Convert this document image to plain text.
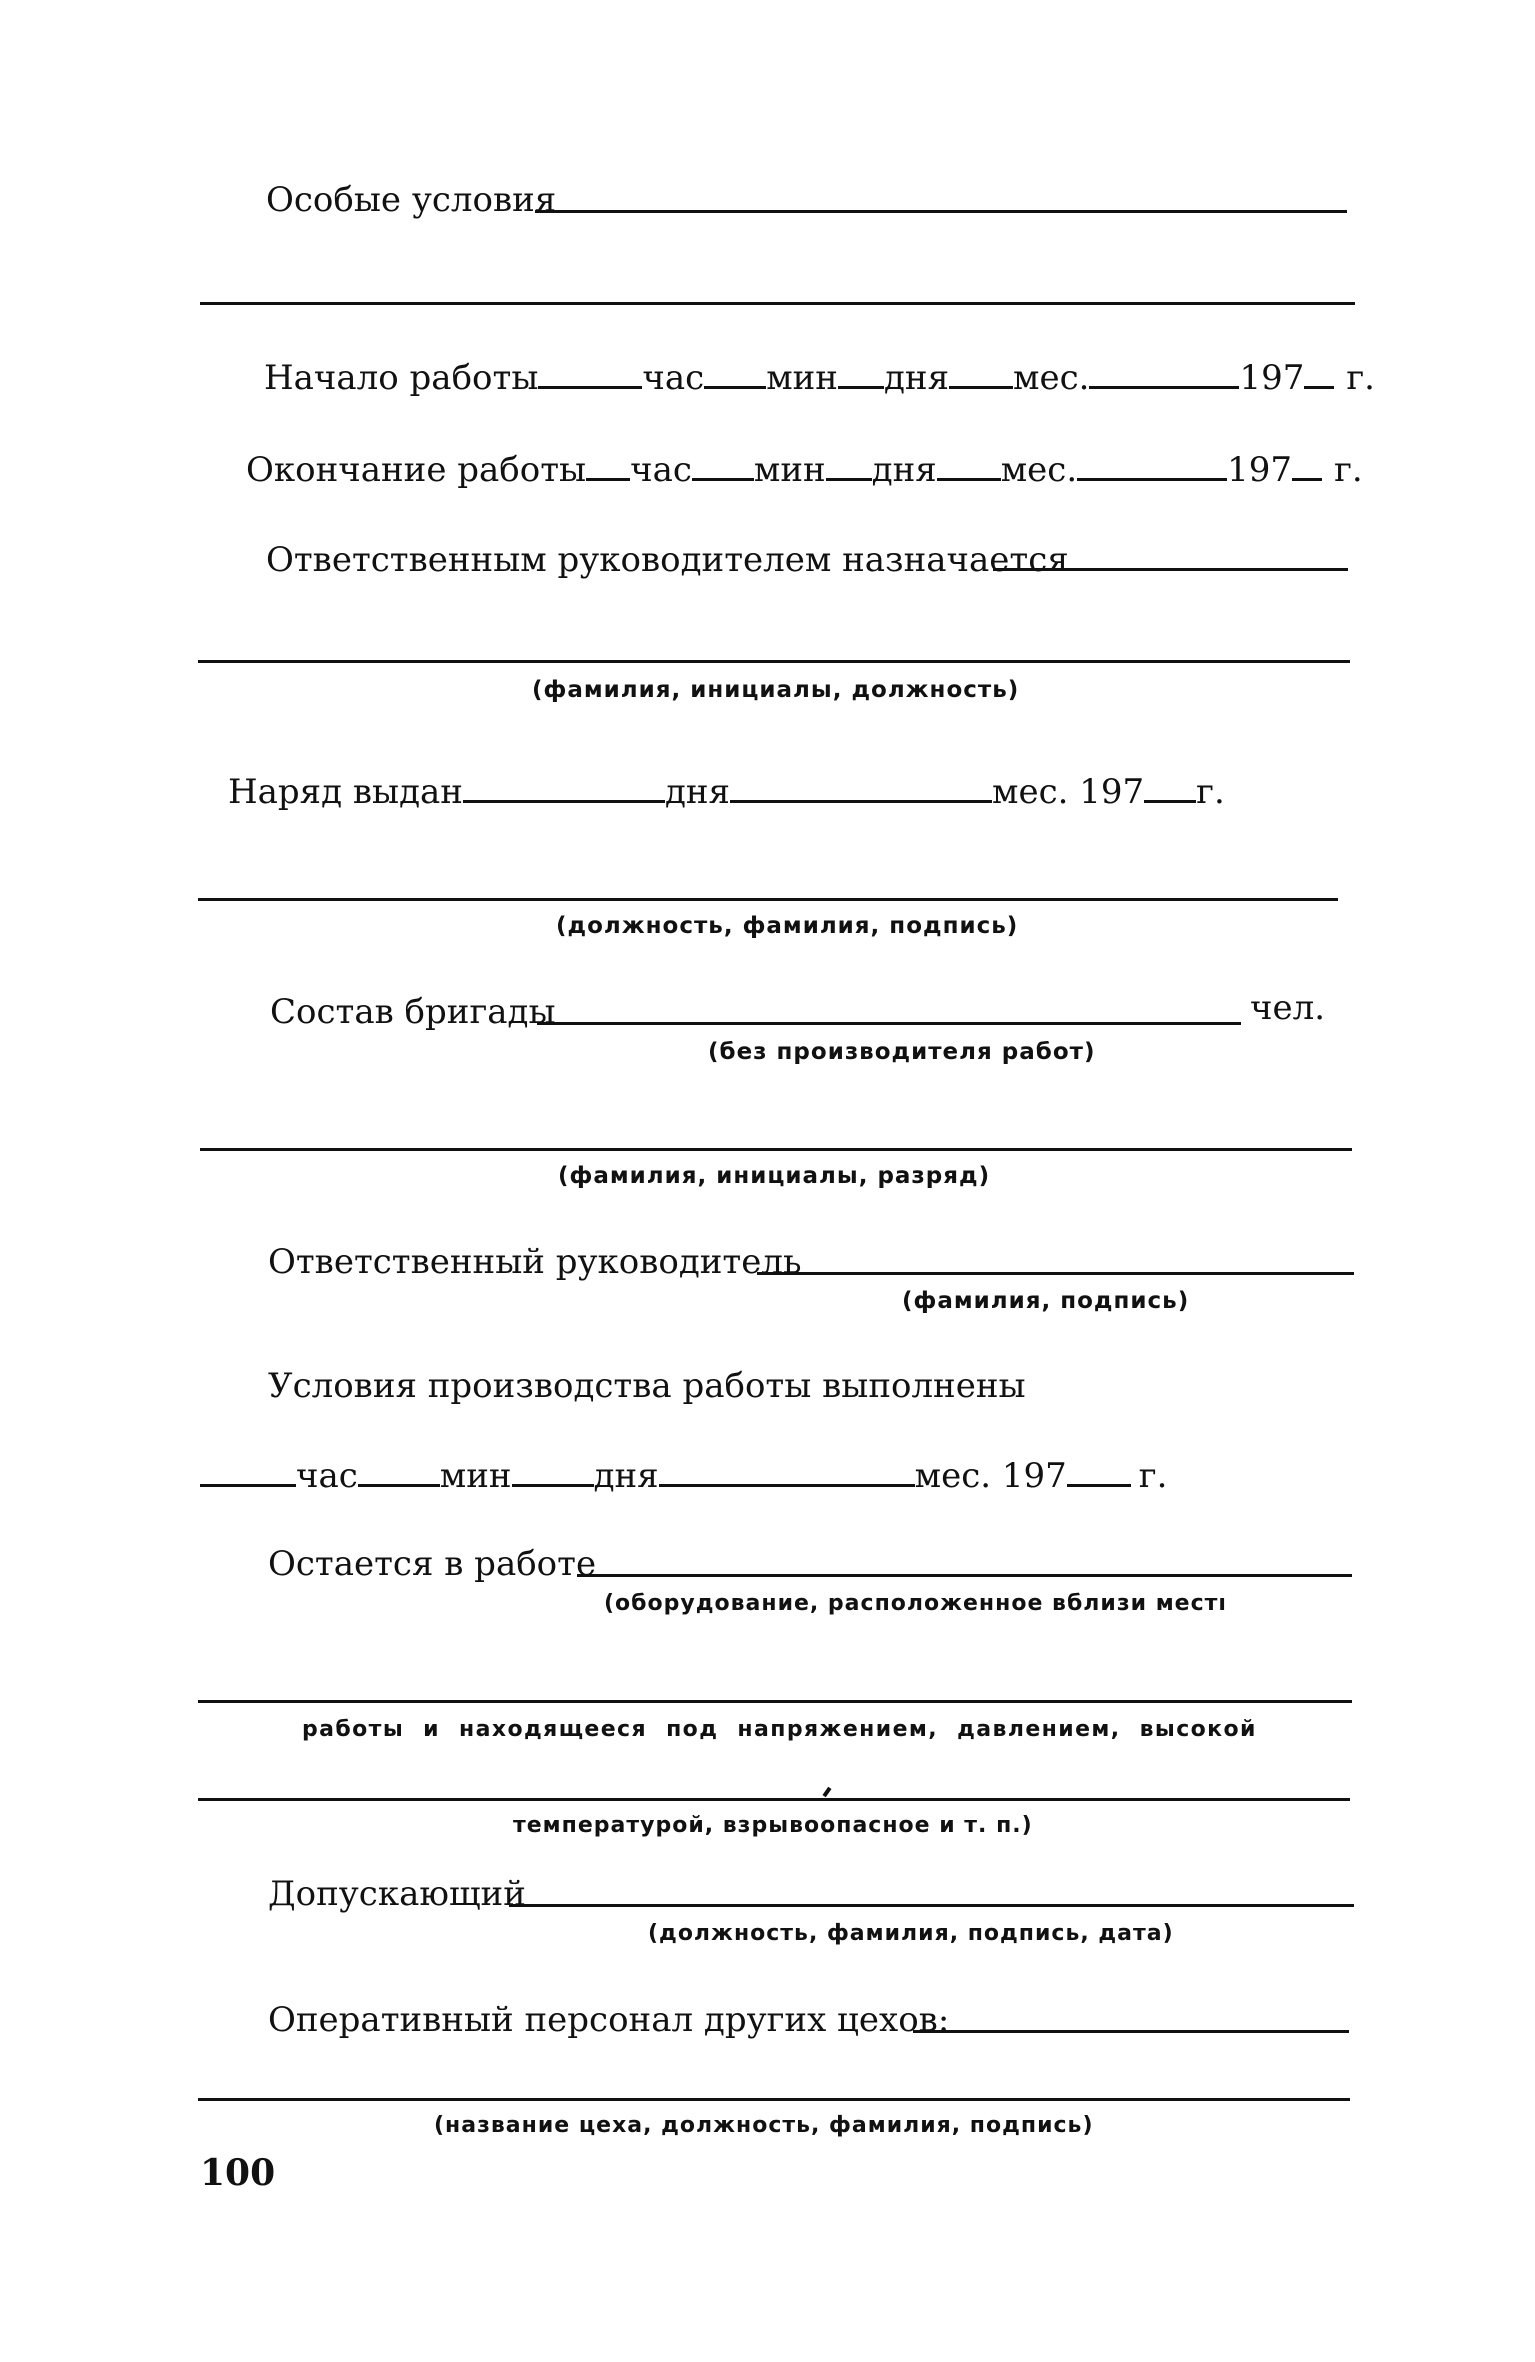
Особые условия
Начало работы	час мин дня мес.	197 г.
Окончание работы час мин дня мес.	197 г.
Ответственным руководителем назначается
(фамилия, инициалы, должность)
Наряд выдан	дня	мес. 197 г.
(должность, фамилия, подпись)
Состав бригады	чел.
(без производителя работ)
(фамилия, инициалы, разряд)
Ответственный руководитель
(фамилия, подпись)
Условия производства работы выполнены
час мин дня	мес. 197 г.
Остается в работе
(оборудование, расположенное вблизи местı
работы и находящееся под напряжением, давлением, высокой
температурой, взрывоопасное и т. п.)
Допускающий
(должность, фамилия, подпись, дата)
Оперативный персонал других цехов:
(название цеха, должность, фамилия, подпись)
100
